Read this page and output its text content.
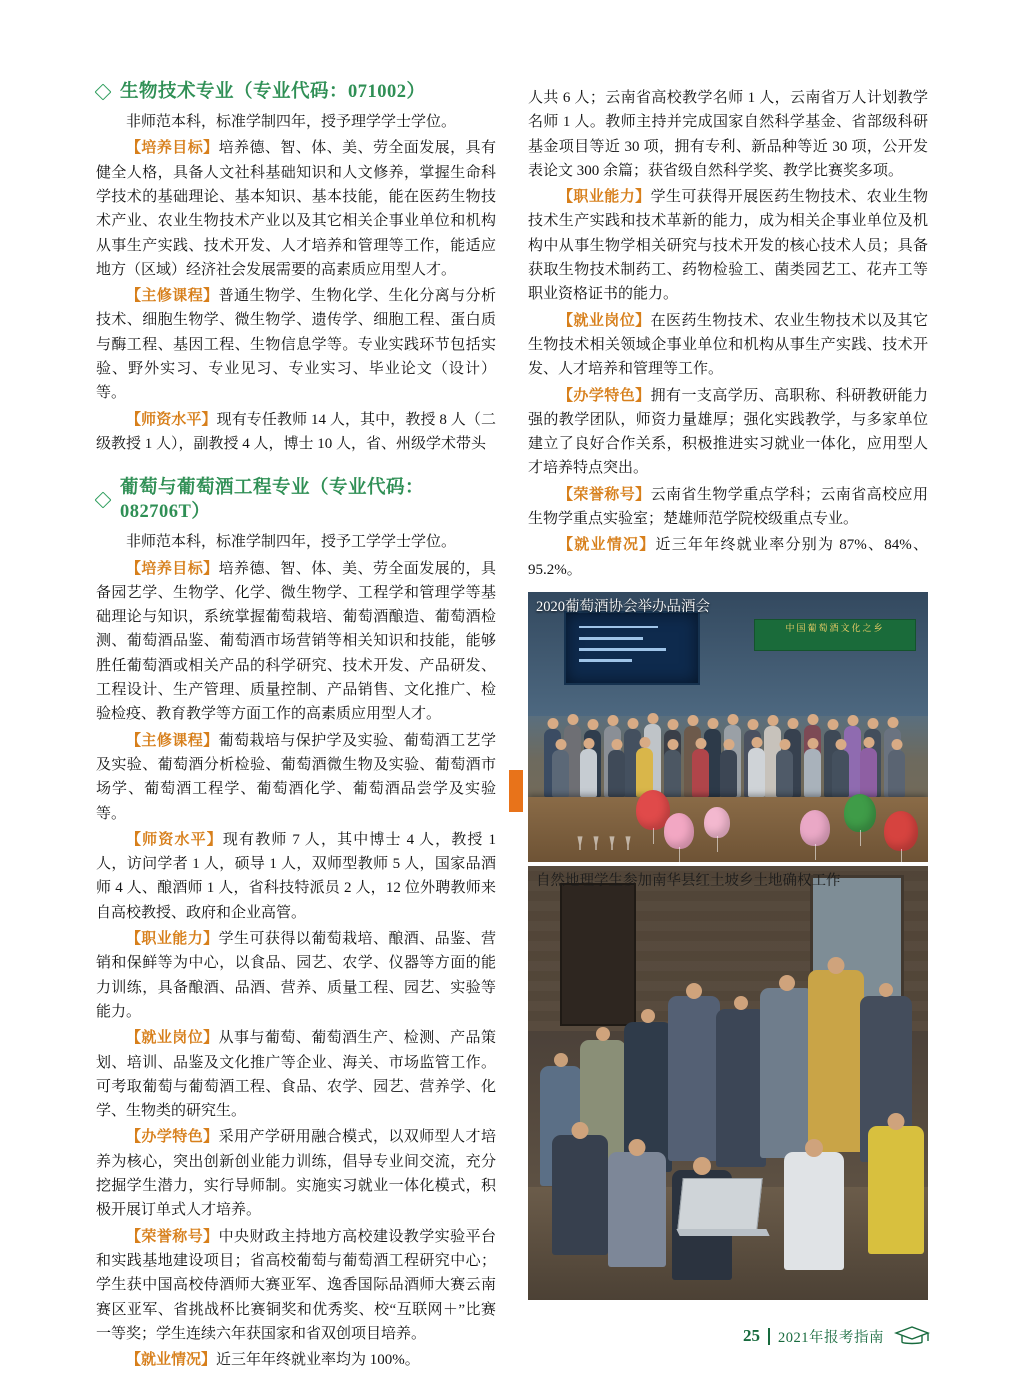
生物技术专业（专业代码：071002）

非师范本科，标准学制四年，授予理学学士学位。

【培养目标】培养德、智、体、美、劳全面发展，具有健全人格，具备人文社科基础知识和人文修养，掌握生命科学技术的基础理论、基本知识、基本技能，能在医药生物技术产业、农业生物技术产业以及其它相关企事业单位和机构从事生产实践、技术开发、人才培养和管理等工作，能适应地方（区域）经济社会发展需要的高素质应用型人才。

【主修课程】普通生物学、生物化学、生化分离与分析技术、细胞生物学、微生物学、遗传学、细胞工程、蛋白质与酶工程、基因工程、生物信息学等。专业实践环节包括实验、野外实习、专业见习、专业实习、毕业论文（设计）等。

【师资水平】现有专任教师 14 人，其中，教授 8 人（二级教授 1 人），副教授 4 人，博士 10 人，省、州级学术带头

葡萄与葡萄酒工程专业（专业代码：082706T）

非师范本科，标准学制四年，授予工学学士学位。

【培养目标】培养德、智、体、美、劳全面发展的，具备园艺学、生物学、化学、微生物学、工程学和管理学等基础理论与知识，系统掌握葡萄栽培、葡萄酒酿造、葡萄酒检测、葡萄酒品鉴、葡萄酒市场营销等相关知识和技能，能够胜任葡萄酒或相关产品的科学研究、技术开发、产品研发、工程设计、生产管理、质量控制、产品销售、文化推广、检验检疫、教育教学等方面工作的高素质应用型人才。

【主修课程】葡萄栽培与保护学及实验、葡萄酒工艺学及实验、葡萄酒分析检验、葡萄酒微生物及实验、葡萄酒市场学、葡萄酒工程学、葡萄酒化学、葡萄酒品尝学及实验等。

【师资水平】现有教师 7 人，其中博士 4 人，教授 1 人，访问学者 1 人，硕导 1 人，双师型教师 5 人，国家品酒师 4 人、酿酒师 1 人，省科技特派员 2 人，12 位外聘教师来自高校教授、政府和企业高管。

【职业能力】学生可获得以葡萄栽培、酿酒、品鉴、营销和保鲜等为中心，以食品、园艺、农学、仪器等方面的能力训练，具备酿酒、品酒、营养、质量工程、园艺、实验等能力。

【就业岗位】从事与葡萄、葡萄酒生产、检测、产品策划、培训、品鉴及文化推广等企业、海关、市场监管工作。可考取葡萄与葡萄酒工程、食品、农学、园艺、营养学、化学、生物类的研究生。

【办学特色】采用产学研用融合模式，以双师型人才培养为核心，突出创新创业能力训练，倡导专业间交流，充分挖掘学生潜力，实行导师制。实施实习就业一体化模式，积极开展订单式人才培养。

【荣誉称号】中央财政主持地方高校建设教学实验平台和实践基地建设项目；省高校葡萄与葡萄酒工程研究中心；学生获中国高校侍酒师大赛亚军、逸香国际品酒师大赛云南赛区亚军、省挑战杯比赛铜奖和优秀奖、校“互联网＋”比赛一等奖；学生连续六年获国家和省双创项目培养。

【就业情况】近三年年终就业率均为 100%。

人共 6 人；云南省高校教学名师 1 人，云南省万人计划教学名师 1 人。教师主持并完成国家自然科学基金、省部级科研基金项目等近 30 项，拥有专利、新品种等近 30 项，公开发表论文 300 余篇；获省级自然科学奖、教学比赛奖多项。

【职业能力】学生可获得开展医药生物技术、农业生物技术生产实践和技术革新的能力，成为相关企事业单位及机构中从事生物学相关研究与技术开发的核心技术人员；具备获取生物技术制药工、药物检验工、菌类园艺工、花卉工等职业资格证书的能力。

【就业岗位】在医药生物技术、农业生物技术以及其它生物技术相关领域企事业单位和机构从事生产实践、技术开发、人才培养和管理等工作。

【办学特色】拥有一支高学历、高职称、科研教研能力强的教学团队，师资力量雄厚；强化实践教学，与多家单位建立了良好合作关系，积极推进实习就业一体化，应用型人才培养特点突出。

【荣誉称号】云南省生物学重点学科；云南省高校应用生物学重点实验室；楚雄师范学院校级重点专业。

【就业情况】近三年年终就业率分别为 87%、84%、95.2%。

中国葡萄酒文化之乡
2020葡萄酒协会举办品酒会
自然地理学生参加南华县红土坡乡土地确权工作
25 2021年报考指南
